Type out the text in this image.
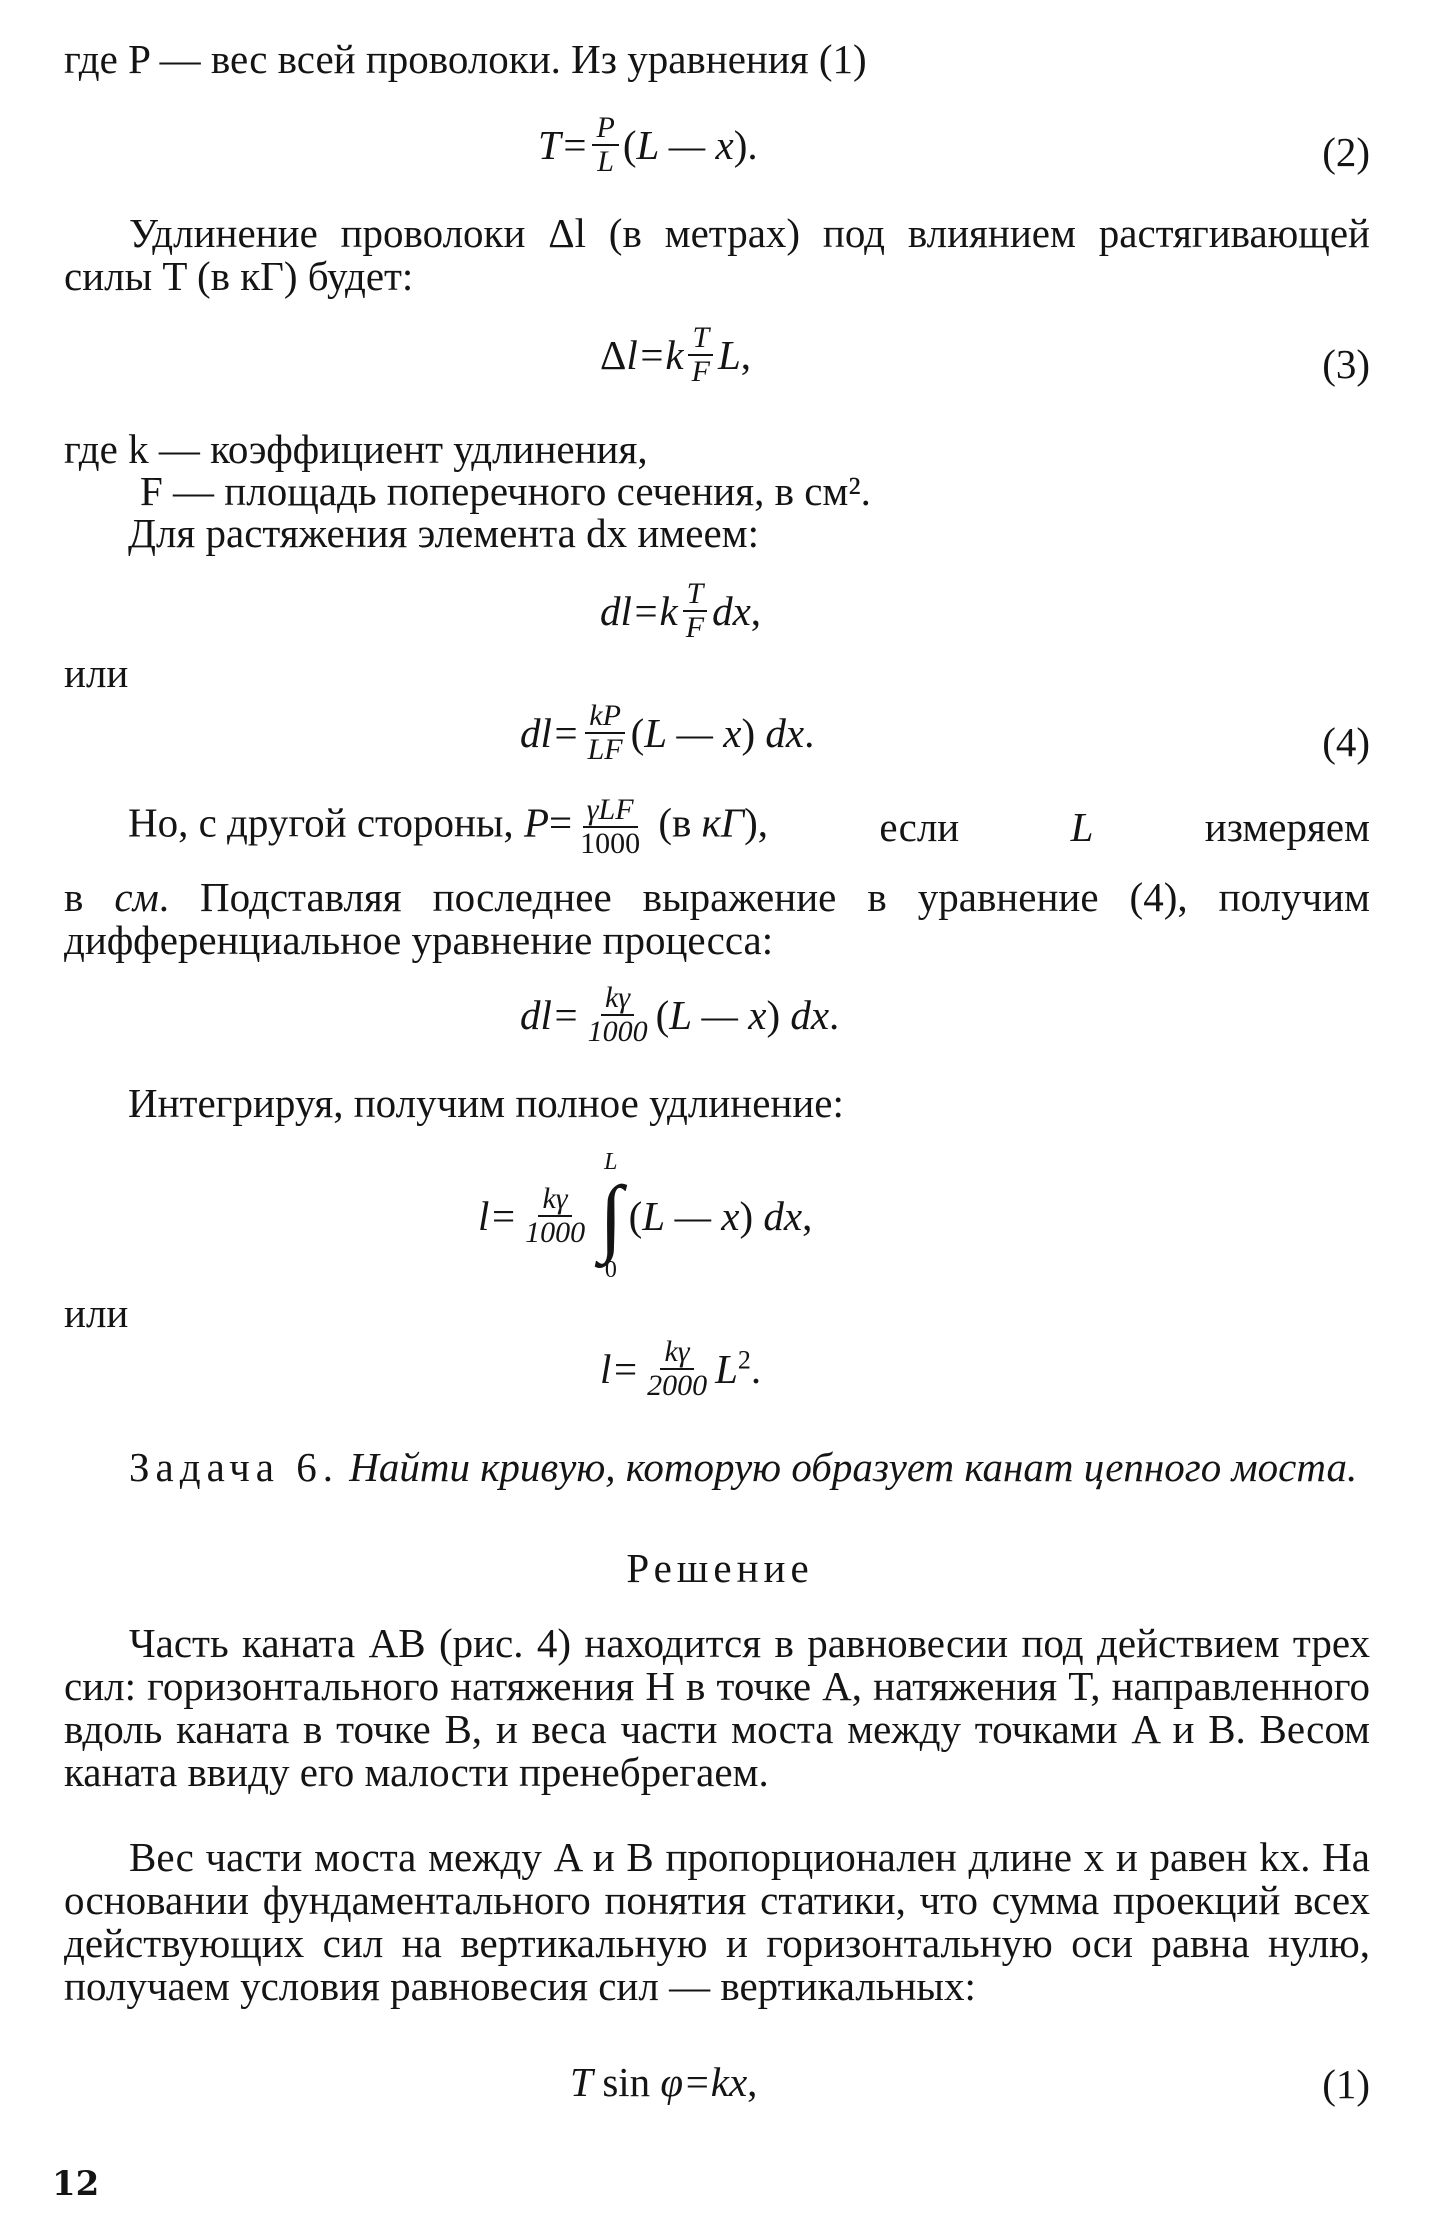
где P — вес всей проволоки. Из уравнения (1)
$T= \frac{P}{L} (L$ — x).	(2)
Удлинение проволоки Δl (в метрах) под влиянием растягивающей силы T (в кГ) будет:
$\Delta l=k \frac{T}{F} L$,	(3)
где k — коэффициент удлинения,
F — площадь поперечного сечения, в см².
Для растяжения элемента dx имеем:
$dl=k \frac{T}{F}$ dx,
или
$dl= \frac{kP}{LF} (L$ — x) dx.	(4)
Но, с другой стороны, $P= \frac{\text{γLF}}{1000} (в$ кГ),	если	L	измеряем
в см. Подставляя последнее выражение в уравнение (4), получим дифференциальное уравнение процесса:
$dl= \frac{k\gamma}{1000} (L$ — x) dx.
Интегрируя, получим полное удлинение:
$l= \frac{k\gamma}{1000}$
L
∫
0
(L — x) dx,
или
$l= \frac{k\gamma}{2000} L^2$.
Задача 6. Найти кривую, которую образует канат цепного моста.
Решение
Часть каната AB (рис. 4) находится в равновесии под действием трех сил: горизонтального натяжения H в точке A, натяжения T, направленного вдоль каната в точке B, и веса части моста между точками A и B. Весом каната ввиду его малости пренебрегаем.
Вес части моста между A и B пропорционален длине x и равен kx. На основании фундаментального понятия статики, что сумма проекций всех действующих сил на вертикальную и горизонтальную оси равна нулю, получаем условия равновесия сил — вертикальных:
T sin φ=kx,	(1)
12
